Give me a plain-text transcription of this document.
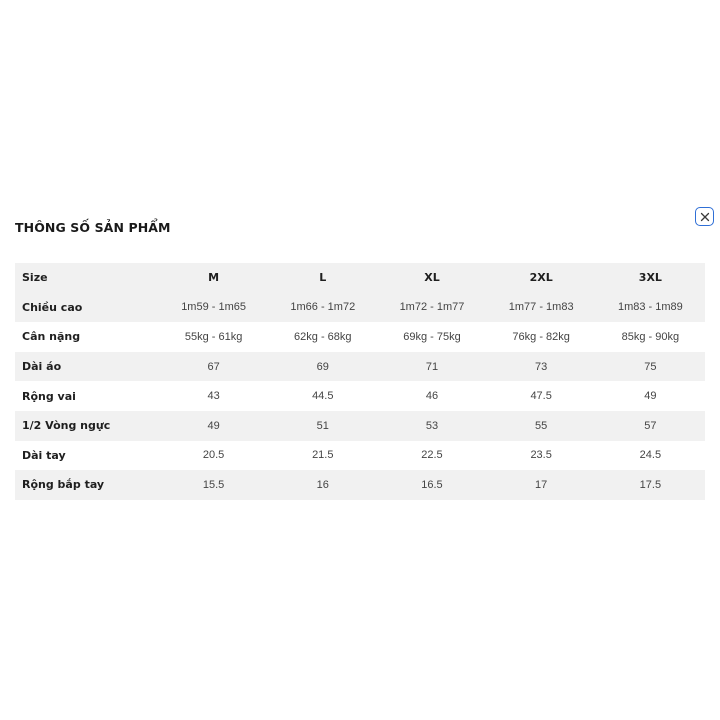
THÔNG SỐ SẢN PHẨM
Size	M	L	XL	2XL	3XL
Chiều cao	1m59 - 1m65	1m66 - 1m72	1m72 - 1m77	1m77 - 1m83	1m83 - 1m89
Cân nặng	55kg - 61kg	62kg - 68kg	69kg - 75kg	76kg - 82kg	85kg - 90kg
Dài áo	67	69	71	73	75
Rộng vai	43	44.5	46	47.5	49
1/2 Vòng ngực	49	51	53	55	57
Dài tay	20.5	21.5	22.5	23.5	24.5
Rộng bắp tay	15.5	16	16.5	17	17.5
